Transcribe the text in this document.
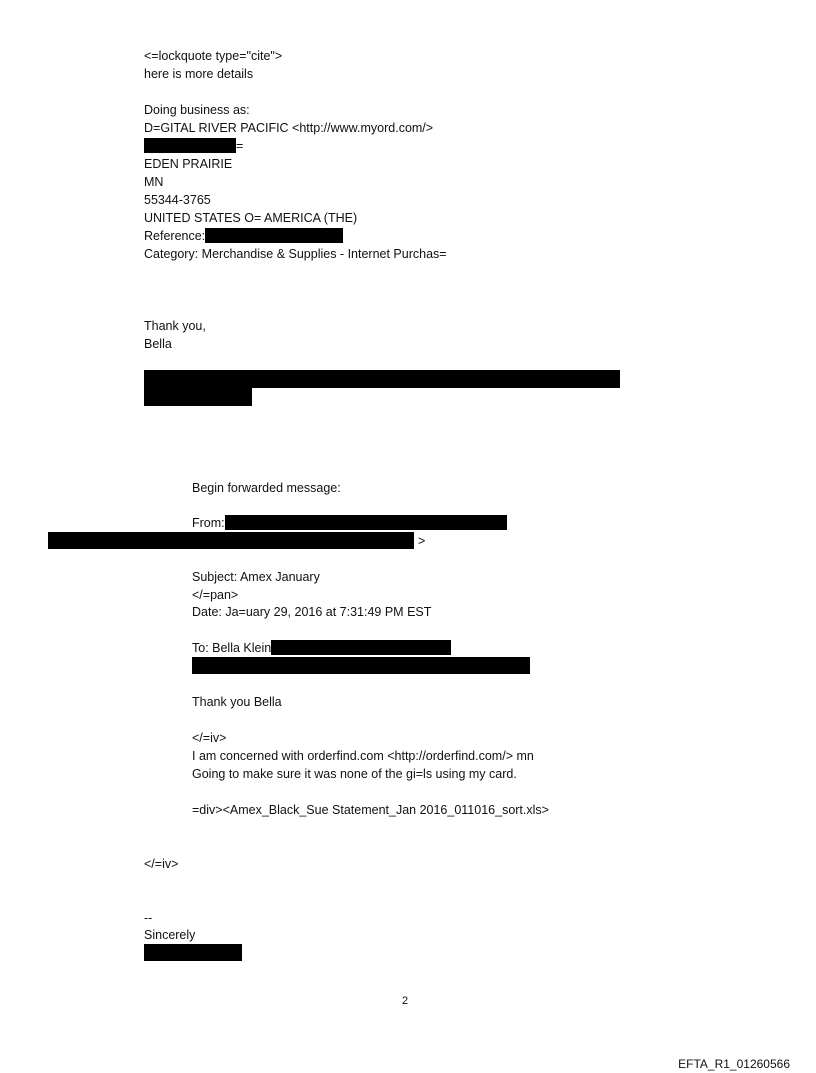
<=lockquote type="cite">
here is more details
Doing business as:
D=GITAL RIVER PACIFIC <http://www.myord.com/>
=
EDEN PRAIRIE
MN
55344-3765
UNITED STATES O= AMERICA (THE)
Reference:
Category: Merchandise & Supplies - Internet Purchas=
Thank you,
Bella
Begin forwarded message:
From:
>
Subject: Amex January
</=pan>
Date: Ja=uary 29, 2016 at 7:31:49 PM EST
To: Bella Klein
Thank you Bella
</=iv>
I am concerned with orderfind.com <http://orderfind.com/> mn
Going to make sure it was none of the gi=ls using my card.
=div><Amex_Black_Sue Statement_Jan 2016_011016_sort.xls>
</=iv>
--
Sincerely
2
EFTA_R1_01260566
